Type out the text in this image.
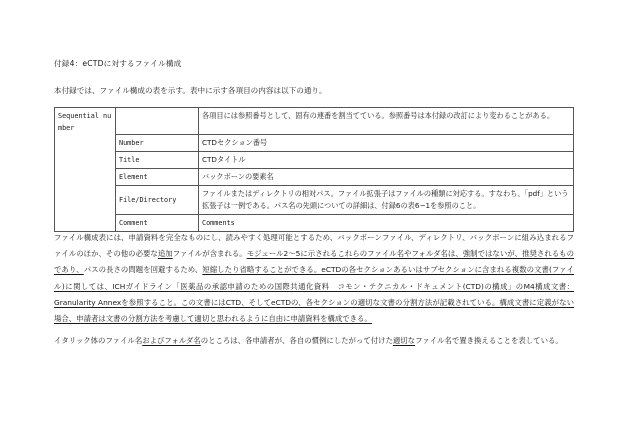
付録4：eCTDに対するファイル構成
本付録では、ファイル構成の表を示す。表中に示す各項目の内容は以下の通り。
Sequential number		各項目には参照番号として、固有の連番を割当てている。参照番号は本付録の改訂により変わることがある。
	Number	CTDセクション番号
	Title	CTDタイトル
	Element	バックボーンの要素名
	File/Directory	ファイルまたはディレクトリの相対パス。ファイル拡張子はファイルの種類に対応する。すなわち、「pdf」という拡張子は一例である。パス名の先頭についての詳細は、付録6の表6−1を参照のこと。
	Comment	Comments
ファイル構成表には、申請資料を完全なものにし、読みやすく処理可能とするため、バックボーンファイル、ディレクトリ、バックボーンに組み込まれるファイルのほか、その他の必要な追加ファイルが含まれる。モジュール2〜5に示されるこれらのファイル名やフォルダ名は、強制ではないが、推奨されるものであり、パスの長さの問題を回避するため、短縮したり省略することができる。eCTDの各セクションあるいはサブセクションに含まれる複数の文書(ファイル)に関しては、ICHガイドライン「医薬品の承認申請のための国際共通化資料　コモン・テクニカル・ドキュメント(CTD)の構成」のM4構成文書：Granularity Annexを参照すること。この文書にはCTD、そしてeCTDの、各セクションの適切な文書の分割方法が記載されている。構成文書に定義がない場合、申請者は文書の分割方法を考慮して適切と思われるように自由に申請資料を構成できる。
イタリック体のファイル名およびフォルダ名のところは、各申請者が、各自の慣例にしたがって付けた適切なファイル名で置き換えることを表している。
